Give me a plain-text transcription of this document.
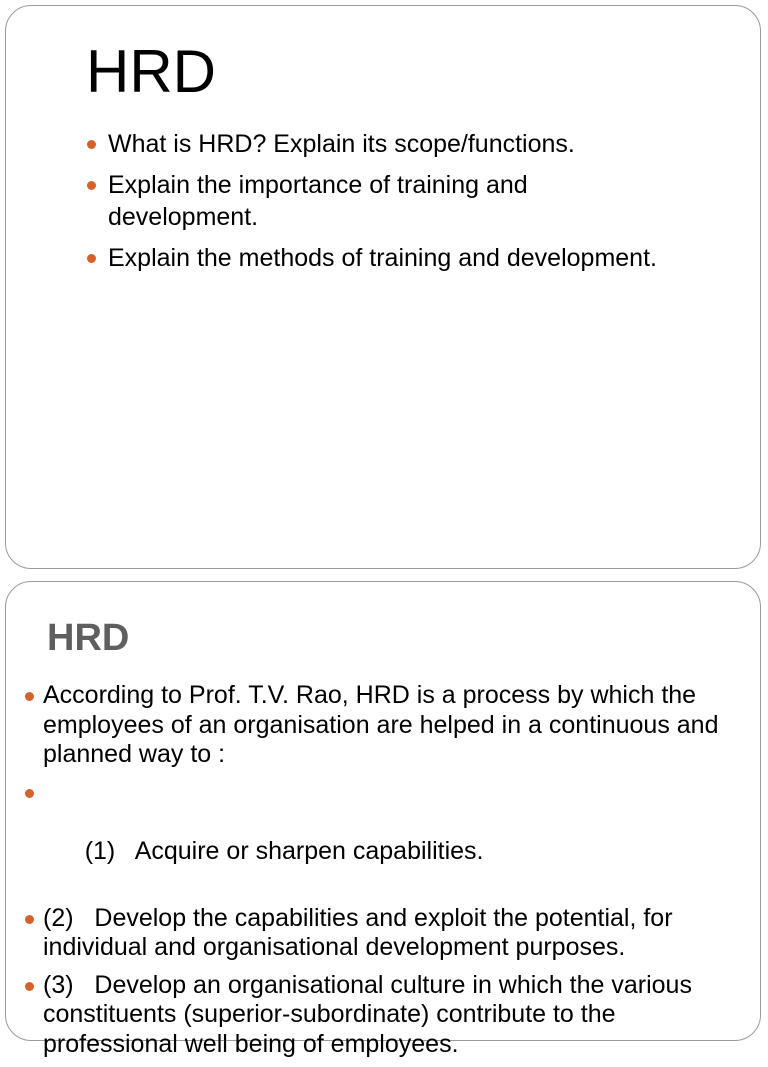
HRD
What is HRD? Explain its scope/functions.
Explain the importance of training and development.
Explain the methods of training and development.
HRD
According to Prof. T.V. Rao, HRD is a process by which the employees of an organisation are helped in a continuous and planned way to :

(1)   Acquire or sharpen capabilities.

(2)   Develop the capabilities and exploit the potential, for individual and organisational development purposes.
(3)   Develop an organisational culture in which the various constituents (superior-subordinate) contribute to the professional well being of employees.
